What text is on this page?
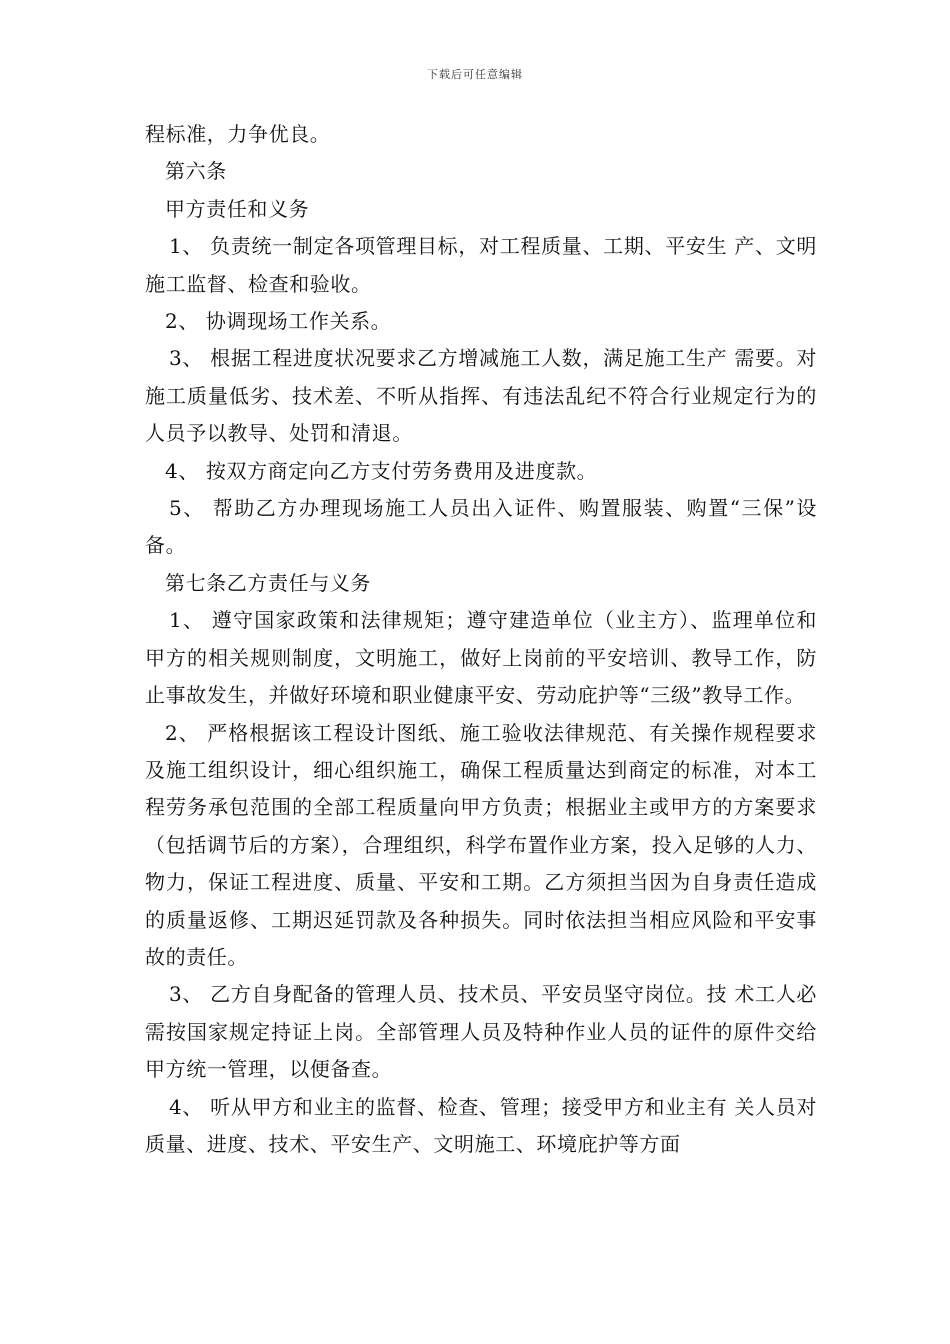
下载后可任意编辑

程标准，力争优良。

第六条

甲方责任和义务

1、 负责统一制定各项管理目标，对工程质量、工期、平安生 产、文明施工监督、检查和验收。

2、 协调现场工作关系。

3、 根据工程进度状况要求乙方增减施工人数，满足施工生产 需要。对施工质量低劣、技术差、不听从指挥、有违法乱纪不符合行业规定行为的人员予以教导、处罚和清退。

4、 按双方商定向乙方支付劳务费用及进度款。

5、 帮助乙方办理现场施工人员出入证件、购置服装、购置“三保”设备。

第七条乙方责任与义务

1、 遵守国家政策和法律规矩；遵守建造单位（业主方）、监理单位和甲方的相关规则制度，文明施工，做好上岗前的平安培训、教导工作，防止事故发生，并做好环境和职业健康平安、劳动庇护等“三级”教导工作。

2、 严格根据该工程设计图纸、施工验收法律规范、有关操作规程要求及施工组织设计，细心组织施工，确保工程质量达到商定的标准，对本工程劳务承包范围的全部工程质量向甲方负责；根据业主或甲方的方案要求（包括调节后的方案），合理组织，科学布置作业方案，投入足够的人力、物力，保证工程进度、质量、平安和工期。乙方须担当因为自身责任造成的质量返修、工期迟延罚款及各种损失。同时依法担当相应风险和平安事故的责任。

3、 乙方自身配备的管理人员、技术员、平安员坚守岗位。技 术工人必需按国家规定持证上岗。全部管理人员及特种作业人员的证件的原件交给甲方统一管理，以便备查。

4、 听从甲方和业主的监督、检查、管理；接受甲方和业主有 关人员对质量、进度、技术、平安生产、文明施工、环境庇护等方面
